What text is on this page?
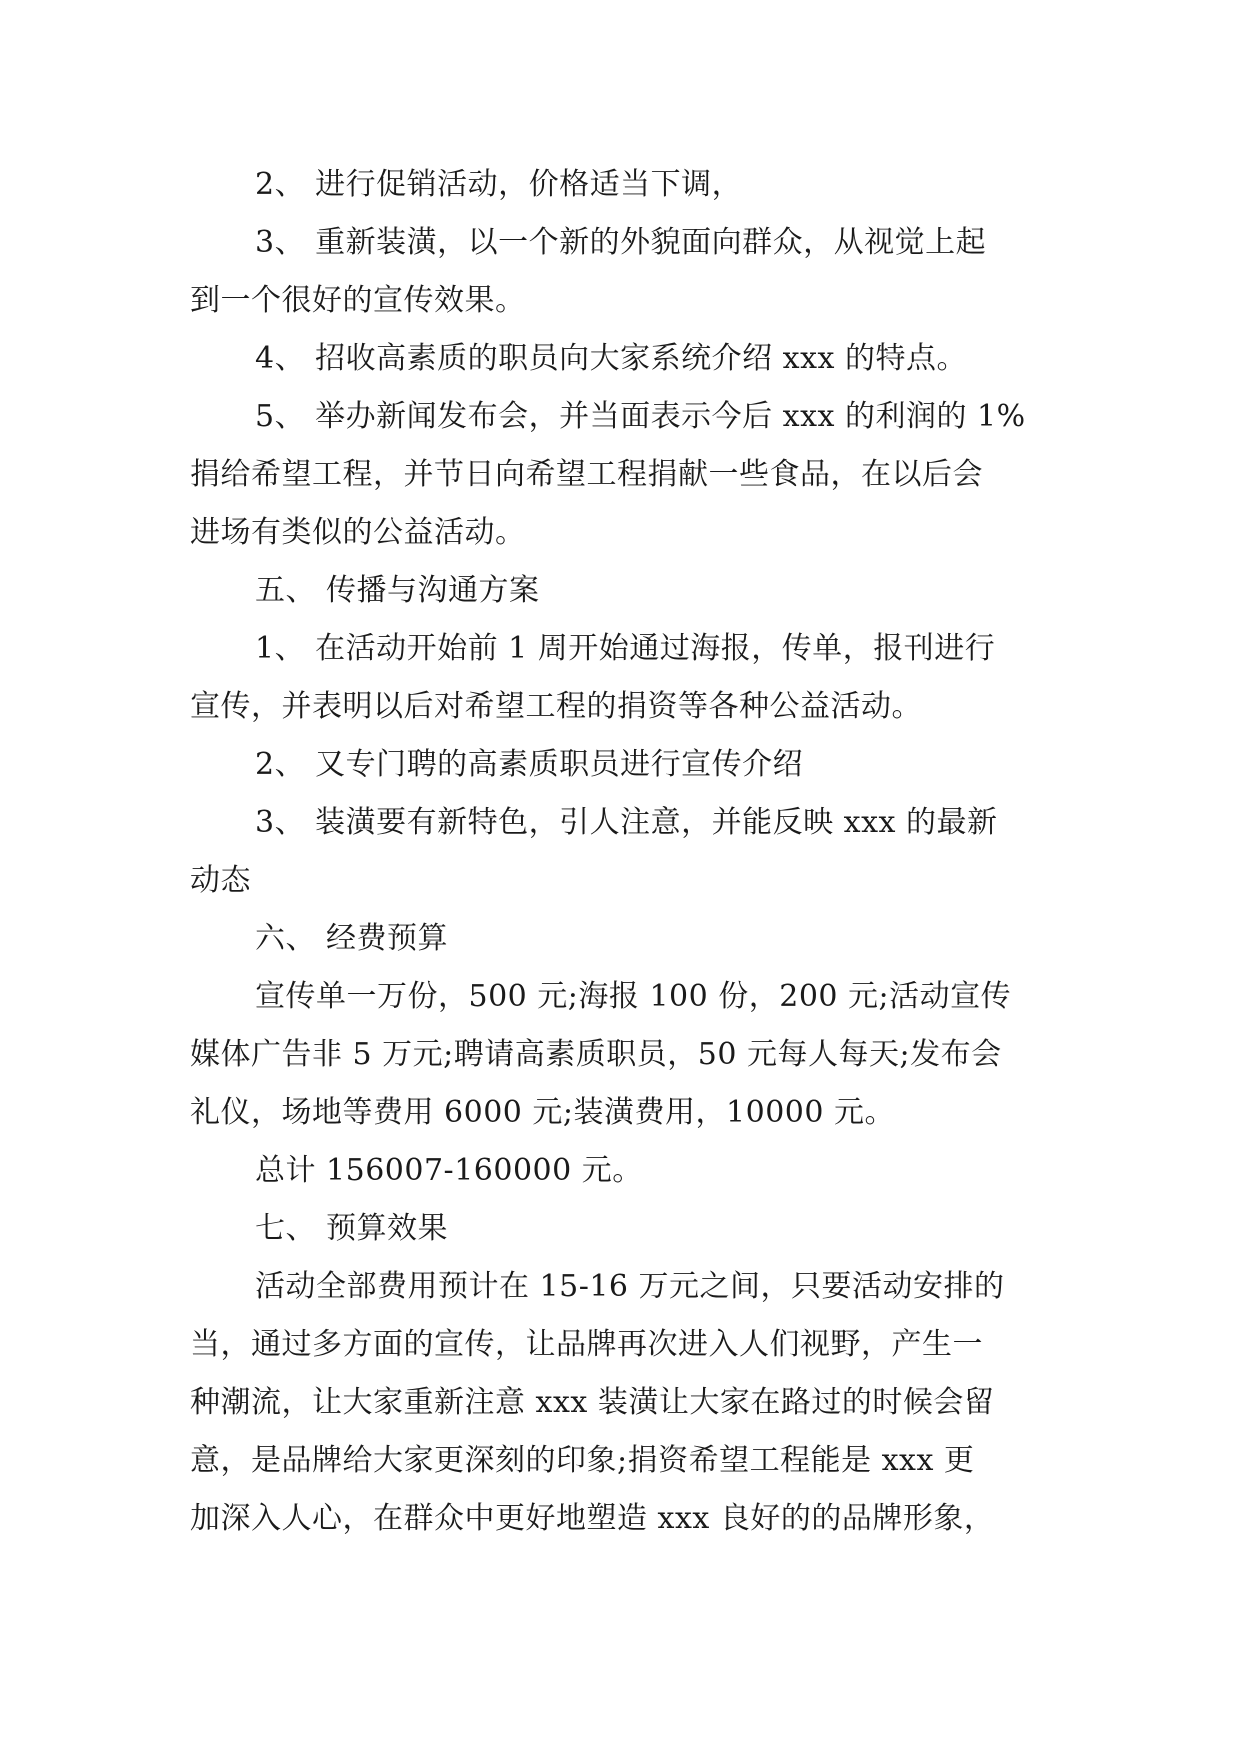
2、 进行促销活动，价格适当下调，
3、 重新装潢，以一个新的外貌面向群众，从视觉上起
到一个很好的宣传效果。
4、 招收高素质的职员向大家系统介绍 xxx 的特点。
5、 举办新闻发布会，并当面表示今后 xxx 的利润的 1%
捐给希望工程，并节日向希望工程捐献一些食品，在以后会
进场有类似的公益活动。
五、 传播与沟通方案
1、 在活动开始前 1 周开始通过海报，传单，报刊进行
宣传，并表明以后对希望工程的捐资等各种公益活动。
2、 又专门聘的高素质职员进行宣传介绍
3、 装潢要有新特色，引人注意，并能反映 xxx 的最新
动态
六、 经费预算
宣传单一万份，500 元;海报 100 份，200 元;活动宣传
媒体广告非 5 万元;聘请高素质职员，50 元每人每天;发布会
礼仪，场地等费用 6000 元;装潢费用，10000 元。
总计 156007-160000 元。
七、 预算效果
活动全部费用预计在 15-16 万元之间，只要活动安排的
当，通过多方面的宣传，让品牌再次进入人们视野，产生一
种潮流，让大家重新注意 xxx 装潢让大家在路过的时候会留
意，是品牌给大家更深刻的印象;捐资希望工程能是 xxx 更
加深入人心，在群众中更好地塑造 xxx 良好的的品牌形象，
